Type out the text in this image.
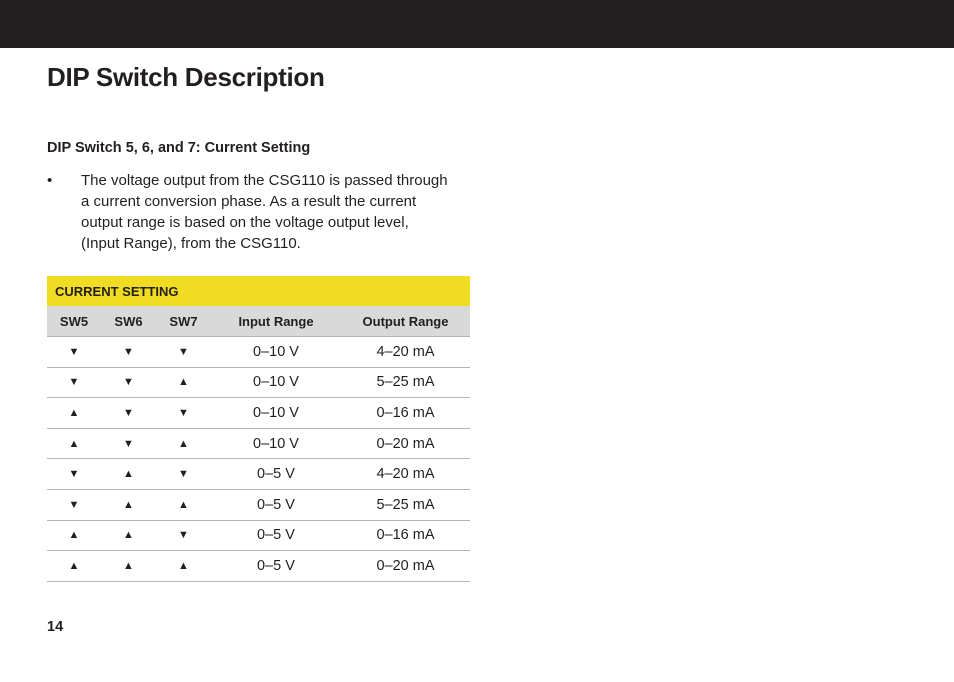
DIP Switch Description
DIP Switch 5, 6, and 7: Current Setting
• The voltage output from the CSG110 is passed through a current conversion phase. As a result the current output range is based on the voltage output level, (Input Range), from the CSG110.
CURRENT SETTING
SW5	SW6	SW7	Input Range	Output Range
▼	▼	▼	0–10 V	4–20 mA
▼	▼	▲	0–10 V	5–25 mA
▲	▼	▼	0–10 V	0–16 mA
▲	▼	▲	0–10 V	0–20 mA
▼	▲	▼	0–5 V	4–20 mA
▼	▲	▲	0–5 V	5–25 mA
▲	▲	▼	0–5 V	0–16 mA
▲	▲	▲	0–5 V	0–20 mA
14
